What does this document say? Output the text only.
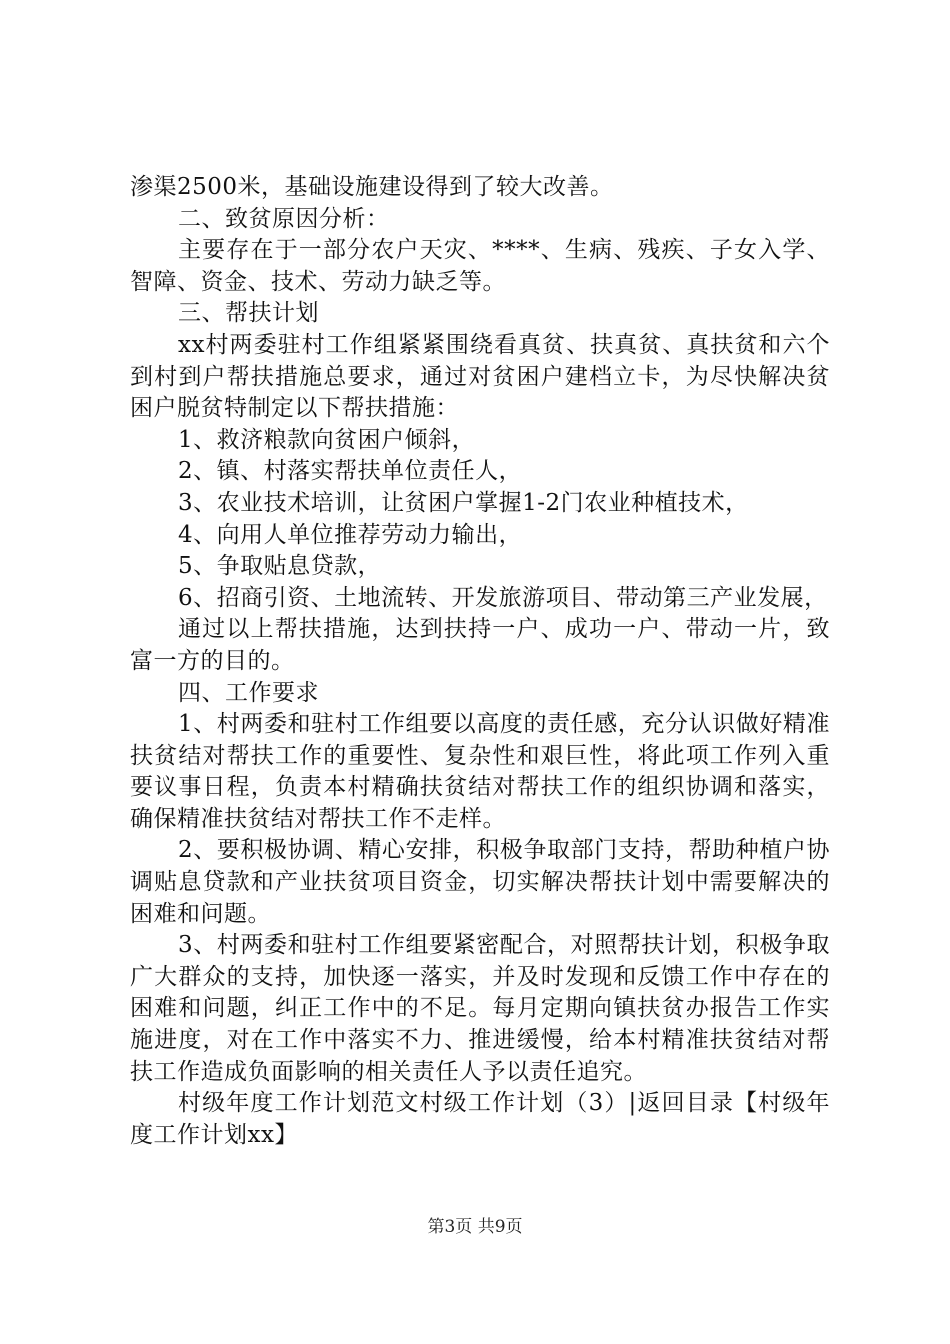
渗渠2500米，基础设施建设得到了较大改善。

二、致贫原因分析：

主要存在于一部分农户天灾、****、生病、残疾、子女入学、智障、资金、技术、劳动力缺乏等。

三、帮扶计划

xx村两委驻村工作组紧紧围绕看真贫、扶真贫、真扶贫和六个到村到户帮扶措施总要求，通过对贫困户建档立卡，为尽快解决贫困户脱贫特制定以下帮扶措施：

1、救济粮款向贫困户倾斜，

2、镇、村落实帮扶单位责任人，

3、农业技术培训，让贫困户掌握1-2门农业种植技术，

4、向用人单位推荐劳动力输出，

5、争取贴息贷款，

6、招商引资、土地流转、开发旅游项目、带动第三产业发展，

通过以上帮扶措施，达到扶持一户、成功一户、带动一片，致富一方的目的。

四、工作要求

1、村两委和驻村工作组要以高度的责任感，充分认识做好精准扶贫结对帮扶工作的重要性、复杂性和艰巨性，将此项工作列入重要议事日程，负责本村精确扶贫结对帮扶工作的组织协调和落实，确保精准扶贫结对帮扶工作不走样。

2、要积极协调、精心安排，积极争取部门支持，帮助种植户协调贴息贷款和产业扶贫项目资金，切实解决帮扶计划中需要解决的困难和问题。

3、村两委和驻村工作组要紧密配合，对照帮扶计划，积极争取广大群众的支持，加快逐一落实，并及时发现和反馈工作中存在的困难和问题，纠正工作中的不足。每月定期向镇扶贫办报告工作实施进度，对在工作中落实不力、推进缓慢，给本村精准扶贫结对帮扶工作造成负面影响的相关责任人予以责任追究。

村级年度工作计划范文村级工作计划（3）|返回目录【村级年度工作计划xx】

第3页 共9页
